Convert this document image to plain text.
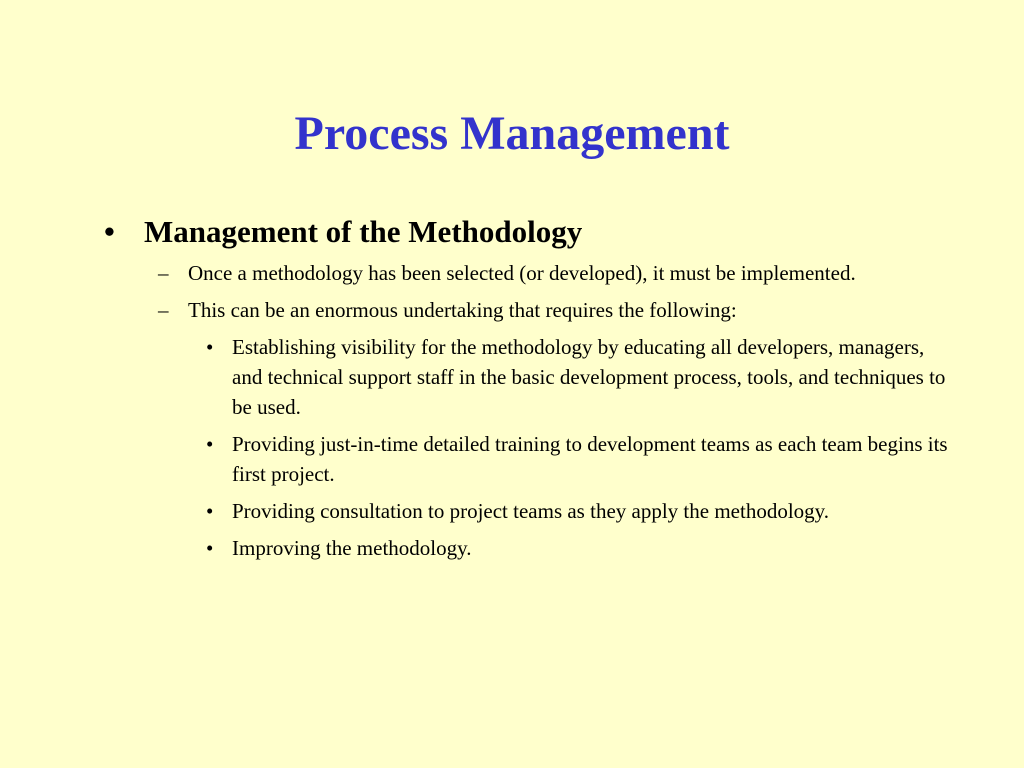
Process Management
• Management of the Methodology
– Once a methodology has been selected (or developed), it must be implemented.
– This can be an enormous undertaking that requires the following:
• Establishing visibility for the methodology by educating all developers, managers, and technical support staff in the basic development process, tools, and techniques to be used.
• Providing just-in-time detailed training to development teams as each team begins its first project.
• Providing consultation to project teams as they apply the methodology.
• Improving the methodology.
